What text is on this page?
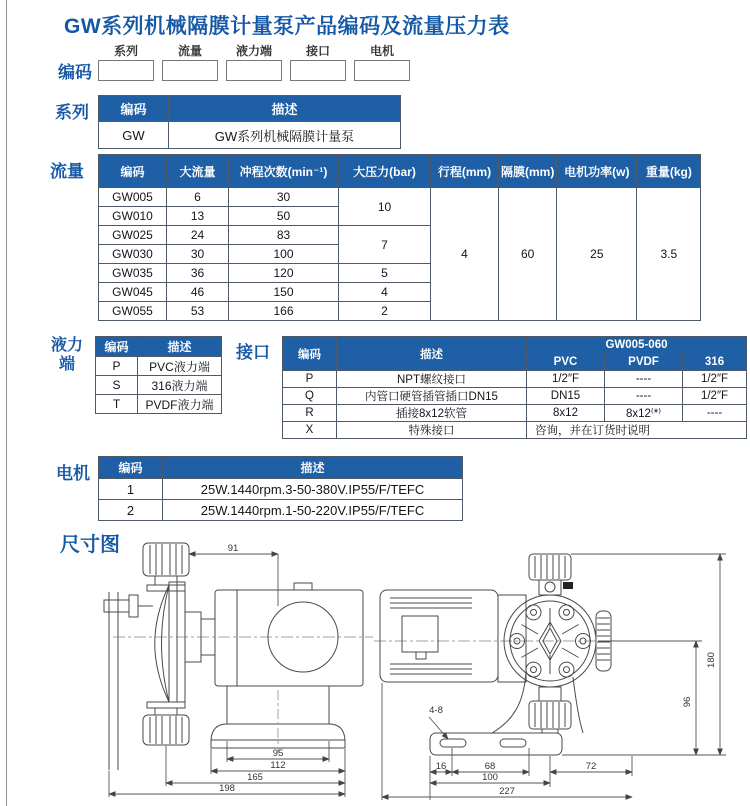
GW系列机械隔膜计量泵产品编码及流量压力表
编码
系列	流量	液力端	接口	电机
系列 编码	描述
GW	GW系列机械隔膜计量泵
流量	编码	大流量	冲程次数(min⁻¹)	大压力(bar)	行程(mm)	隔膜(mm)	电机功率(w)	重量(kg)
GW005	6	30	10	4	60	25	3.5
GW010	13	50					
GW025	24	83	7				
GW030	30	100					
GW035	36	120	5				
GW045	46	150	4				
GW055	53	166	2				
液力
端
编码	描述
P	PVC液力端
S	316液力端
T	PVDF液力端
接口 编码	描述	GW005-060		
		PVC	PVDF	316
P	NPT螺纹接口	1/2″F	----	1/2″F
Q	内管口硬管插管插口DN15	DN15	----	1/2″F
R	插接8x12软管	8x12	8x12⁽*⁾	----
X	特殊接口	咨询，并在订货时说明		
电机 编码	描述
1	25W.1440rpm.3-50-380V.IP55/F/TEFC
2	25W.1440rpm.1-50-220V.IP55/F/TEFC
尺寸图	91
95
112
165
198
4-8
16	68	72
100
227
180
96
